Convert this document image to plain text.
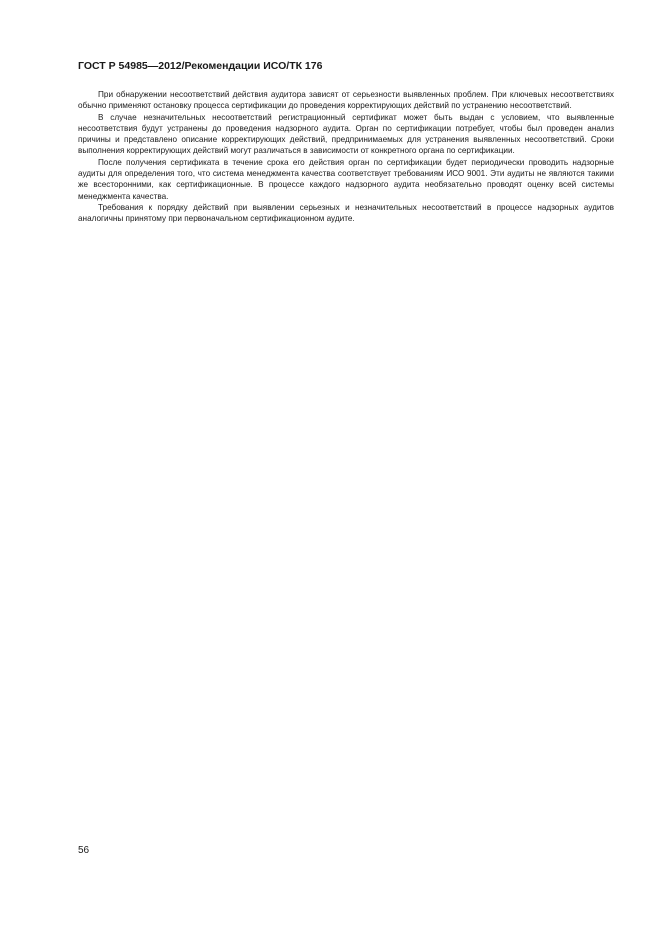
ГОСТ Р 54985—2012/Рекомендации ИСО/ТК 176

При обнаружении несоответствий действия аудитора зависят от серьезности выявленных проблем. При ключевых несоответствиях обычно применяют остановку процесса сертификации до проведения корректирующих действий по устранению несоответствий.

В случае незначительных несоответствий регистрационный сертификат может быть выдан с условием, что выявленные несоответствия будут устранены до проведения надзорного аудита. Орган по сертификации потребует, чтобы был проведен анализ причины и представлено описание корректирующих действий, предпринимаемых для устранения выявленных несоответствий. Сроки выполнения корректирующих действий могут различаться в зависимости от конкретного органа по сертификации.

После получения сертификата в течение срока его действия орган по сертификации будет периодически проводить надзорные аудиты для определения того, что система менеджмента качества соответствует требованиям ИСО 9001. Эти аудиты не являются такими же всесторонними, как сертификационные. В процессе каждого надзорного аудита необязательно проводят оценку всей системы менеджмента качества.

Требования к порядку действий при выявлении серьезных и незначительных несоответствий в процессе надзорных аудитов аналогичны принятому при первоначальном сертификационном аудите.

56
